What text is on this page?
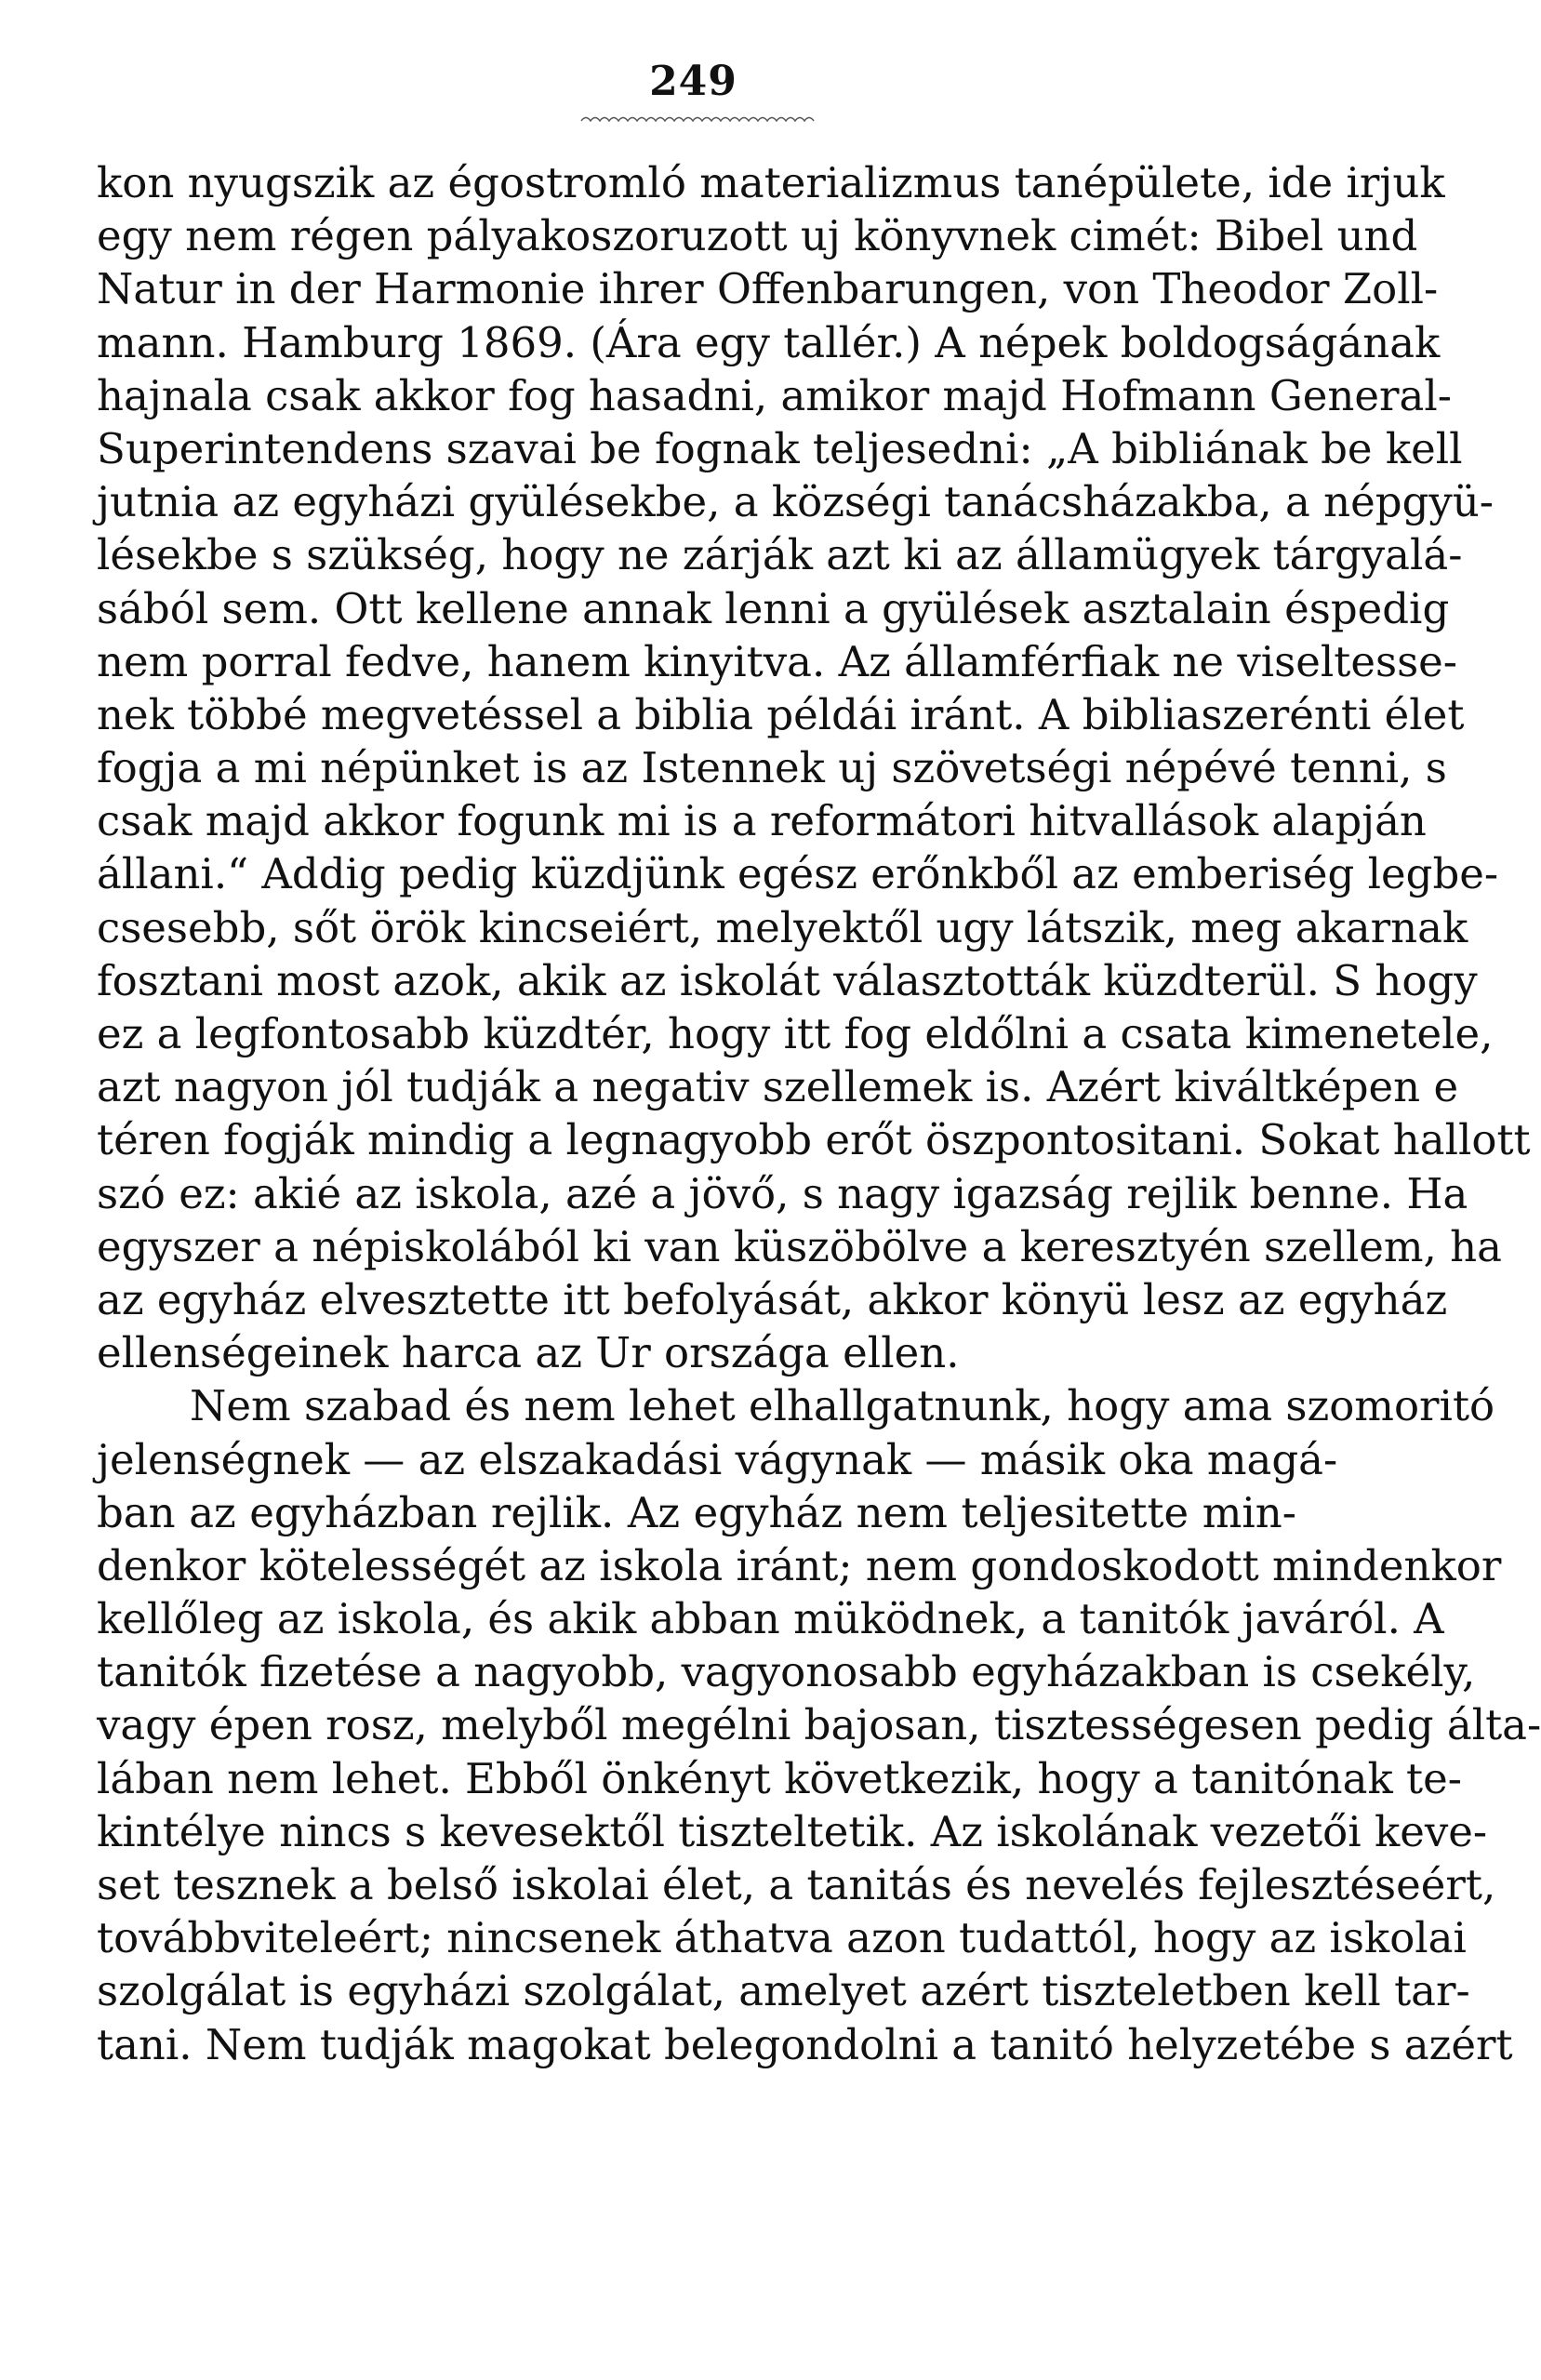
249
kon nyugszik az égostromló materializmus tanépülete, ide irjuk
egy nem régen pályakoszoruzott uj könyvnek cimét: Bibel und
Natur in der Harmonie ihrer Offenbarungen, von Theodor Zoll-
mann. Hamburg 1869. (Ára egy tallér.) A népek boldogságának
hajnala csak akkor fog hasadni, amikor majd Hofmann General-
Superintendens szavai be fognak teljesedni: „A bibliának be kell
jutnia az egyházi gyülésekbe, a községi tanácsházakba, a népgyü-
lésekbe s szükség, hogy ne zárják azt ki az államügyek tárgyalá-
sából sem. Ott kellene annak lenni a gyülések asztalain éspedig
nem porral fedve, hanem kinyitva. Az államférfiak ne viseltesse-
nek többé megvetéssel a biblia példái iránt. A bibliaszerénti élet
fogja a mi népünket is az Istennek uj szövetségi népévé tenni, s
csak majd akkor fogunk mi is a reformátori hitvallások alapján
állani.“ Addig pedig küzdjünk egész erőnkből az emberiség legbe-
csesebb, sőt örök kincseiért, melyektől ugy látszik, meg akarnak
fosztani most azok, akik az iskolát választották küzdterül. S hogy
ez a legfontosabb küzdtér, hogy itt fog eldőlni a csata kimenetele,
azt nagyon jól tudják a negativ szellemek is. Azért kiváltképen e
téren fogják mindig a legnagyobb erőt öszpontositani. Sokat hallott
szó ez: akié az iskola, azé a jövő, s nagy igazság rejlik benne. Ha
egyszer a népiskolából ki van küszöbölve a keresztyén szellem, ha
az egyház elvesztette itt befolyását, akkor könyü lesz az egyház
ellenségeinek harca az Ur országa ellen.
Nem szabad és nem lehet elhallgatnunk, hogy ama szomoritó
jelenségnek — az elszakadási vágynak — másik oka magá-
ban az egyházban rejlik. Az egyház nem teljesitette min-
denkor kötelességét az iskola iránt; nem gondoskodott mindenkor
kellőleg az iskola, és akik abban müködnek, a tanitók javáról. A
tanitók fizetése a nagyobb, vagyonosabb egyházakban is csekély,
vagy épen rosz, melyből megélni bajosan, tisztességesen pedig álta-
lában nem lehet. Ebből önkényt következik, hogy a tanitónak te-
kintélye nincs s kevesektől tiszteltetik. Az iskolának vezetői keve-
set tesznek a belső iskolai élet, a tanitás és nevelés fejlesztéseért,
továbbviteleért; nincsenek áthatva azon tudattól, hogy az iskolai
szolgálat is egyházi szolgálat, amelyet azért tiszteletben kell tar-
tani. Nem tudják magokat belegondolni a tanitó helyzetébe s azért
